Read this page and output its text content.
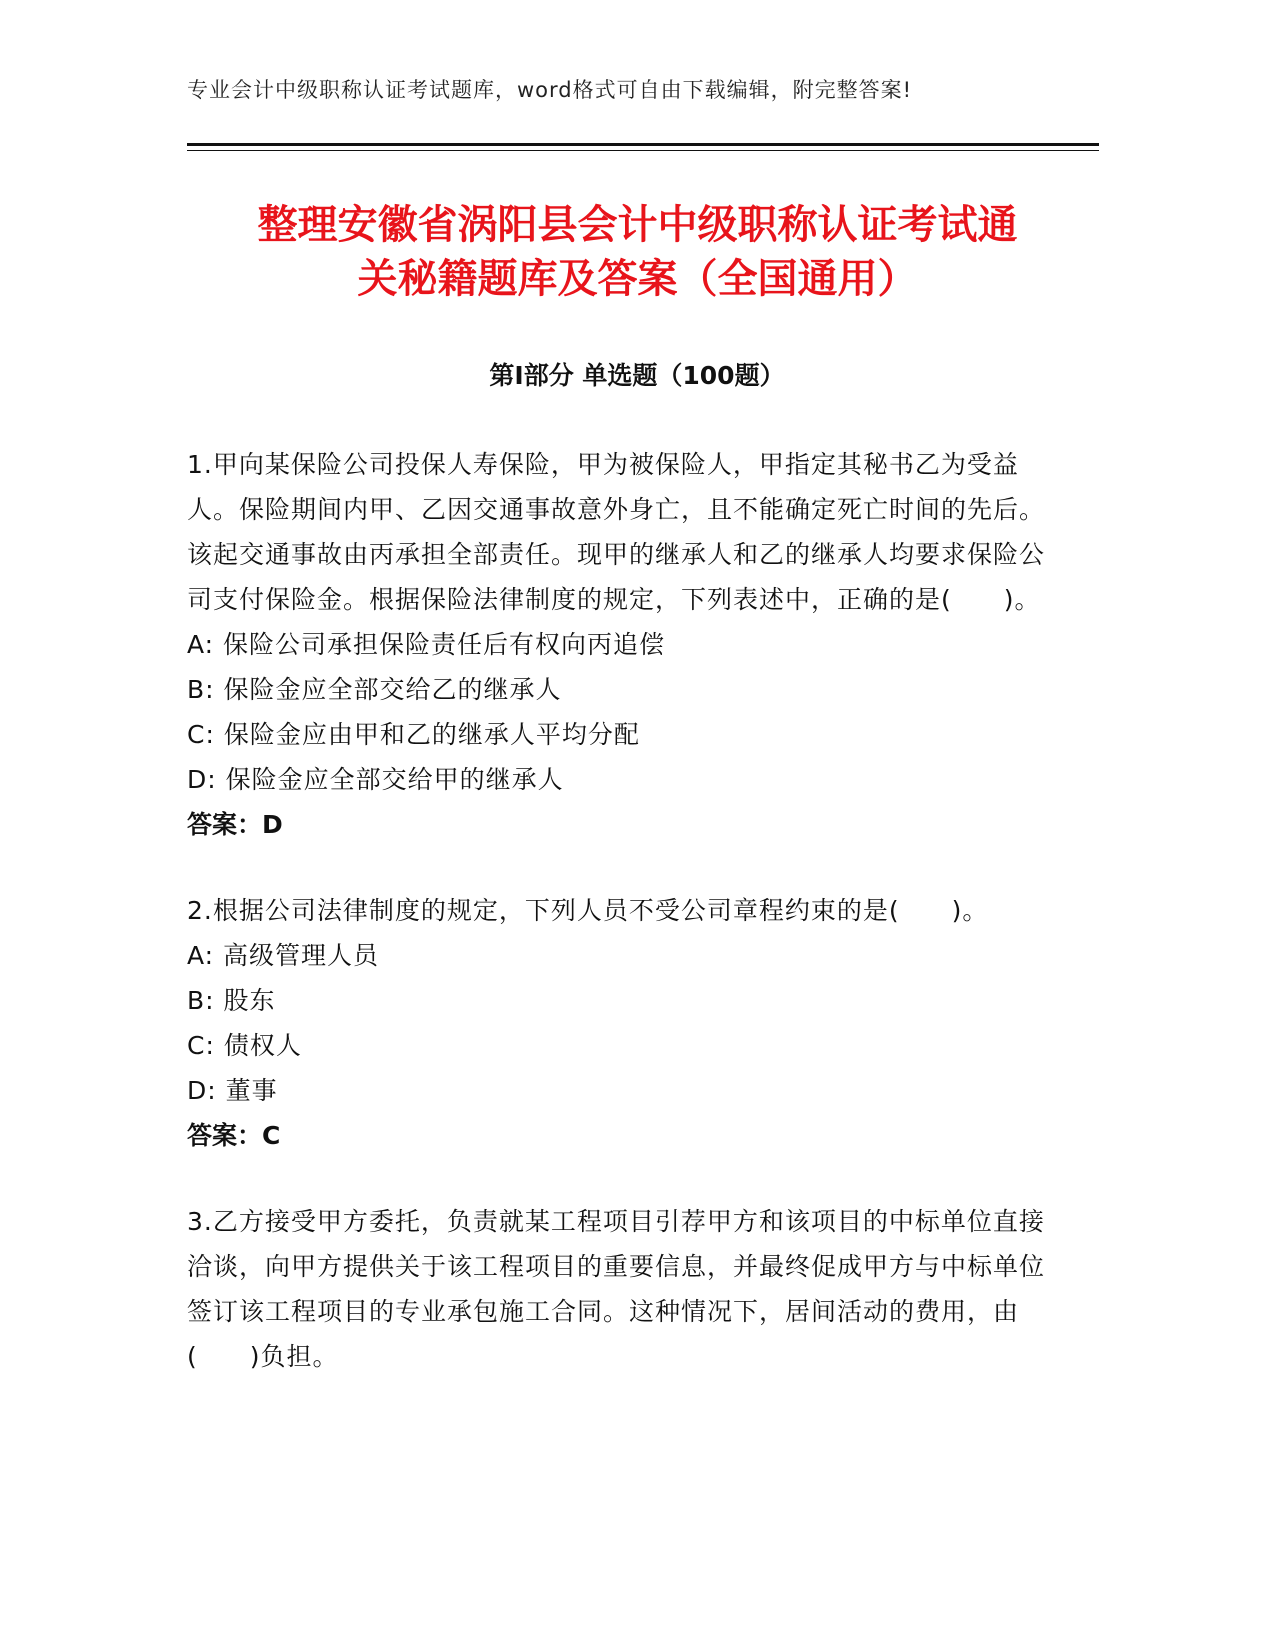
专业会计中级职称认证考试题库，word格式可自由下载编辑，附完整答案!
整理安徽省涡阳县会计中级职称认证考试通
关秘籍题库及答案（全国通用）
第Ⅰ部分 单选题（100题）

1.甲向某保险公司投保人寿保险，甲为被保险人，甲指定其秘书乙为受益人。保险期间内甲、乙因交通事故意外身亡，且不能确定死亡时间的先后。该起交通事故由丙承担全部责任。现甲的继承人和乙的继承人均要求保险公司支付保险金。根据保险法律制度的规定，下列表述中，正确的是(　　)。

A: 保险公司承担保险责任后有权向丙追偿

B: 保险金应全部交给乙的继承人

C: 保险金应由甲和乙的继承人平均分配

D: 保险金应全部交给甲的继承人

答案：D

2.根据公司法律制度的规定，下列人员不受公司章程约束的是(　　)。

A: 高级管理人员

B: 股东

C: 债权人

D: 董事

答案：C

3.乙方接受甲方委托，负责就某工程项目引荐甲方和该项目的中标单位直接洽谈，向甲方提供关于该工程项目的重要信息，并最终促成甲方与中标单位签订该工程项目的专业承包施工合同。这种情况下，居间活动的费用，由(　　)负担。
